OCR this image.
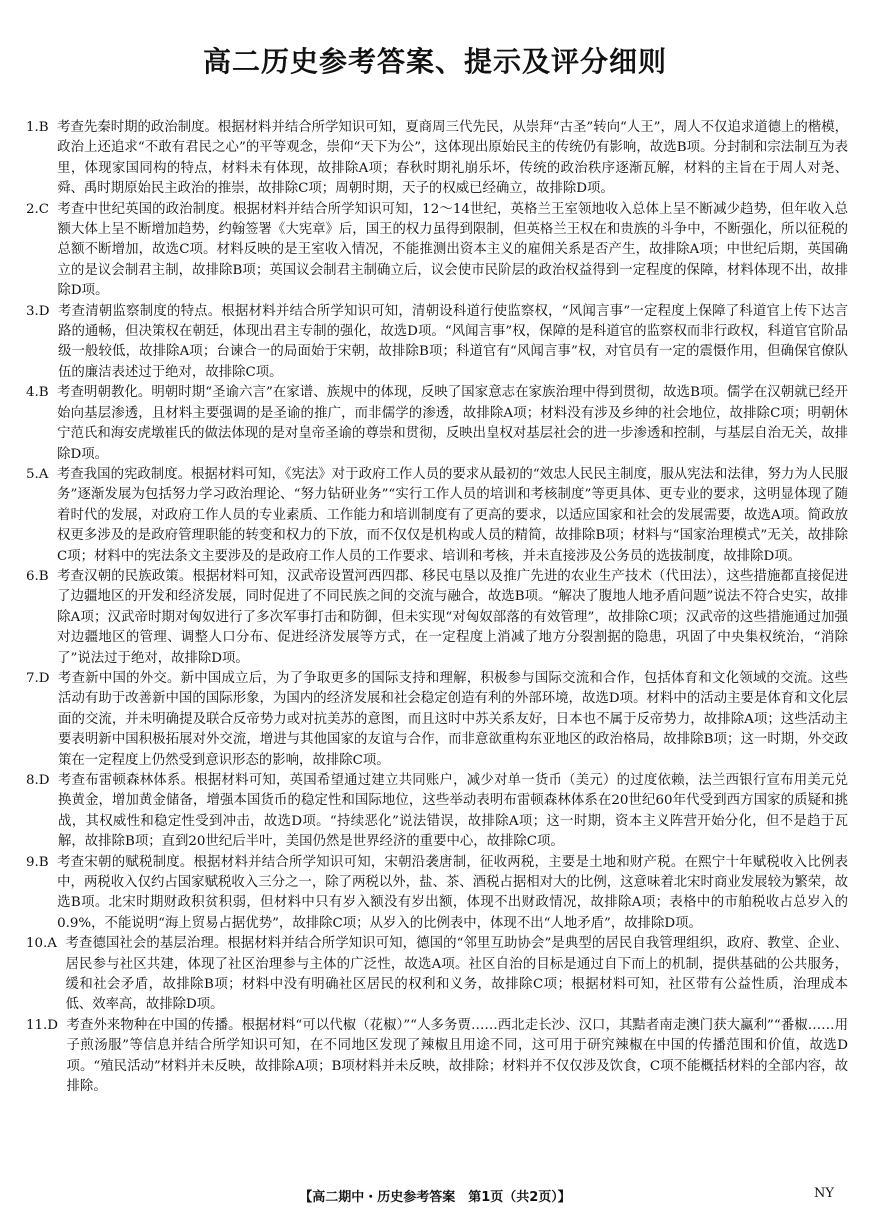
高二历史参考答案、提示及评分细则
1.B 考查先秦时期的政治制度。根据材料并结合所学知识可知，夏商周三代先民，从崇拜“古圣”转向“人王”，周人不仅追求道德上的楷模，政治上还追求“不敢有君民之心”的平等观念，崇仰“天下为公”，这体现出原始民主的传统仍有影响，故选B项。分封制和宗法制互为表里，体现家国同构的特点，材料未有体现，故排除A项；春秋时期礼崩乐坏，传统的政治秩序逐渐瓦解，材料的主旨在于周人对尧、舜、禹时期原始民主政治的推崇，故排除C项；周朝时期，天子的权威已经确立，故排除D项。
2.C 考查中世纪英国的政治制度。根据材料并结合所学知识可知，12～14世纪，英格兰王室领地收入总体上呈不断减少趋势，但年收入总额大体上呈不断增加趋势，约翰签署《大宪章》后，国王的权力虽得到限制，但英格兰王权在和贵族的斗争中，不断强化，所以征税的总额不断增加，故选C项。材料反映的是王室收入情况，不能推测出资本主义的雇佣关系是否产生，故排除A项；中世纪后期，英国确立的是议会制君主制，故排除B项；英国议会制君主制确立后，议会使市民阶层的政治权益得到一定程度的保障，材料体现不出，故排除D项。
3.D 考查清朝监察制度的特点。根据材料并结合所学知识可知，清朝设科道行使监察权，“风闻言事”一定程度上保障了科道官上传下达言路的通畅，但决策权在朝廷，体现出君主专制的强化，故选D项。“风闻言事”权，保障的是科道官的监察权而非行政权，科道官官阶品级一般较低，故排除A项；台谏合一的局面始于宋朝，故排除B项；科道官有“风闻言事”权，对官员有一定的震慑作用，但确保官僚队伍的廉洁表述过于绝对，故排除C项。
4.B 考查明朝教化。明朝时期“圣谕六言”在家谱、族规中的体现，反映了国家意志在家族治理中得到贯彻，故选B项。儒学在汉朝就已经开始向基层渗透，且材料主要强调的是圣谕的推广，而非儒学的渗透，故排除A项；材料没有涉及乡绅的社会地位，故排除C项；明朝休宁范氏和海安虎墩崔氏的做法体现的是对皇帝圣谕的尊崇和贯彻，反映出皇权对基层社会的进一步渗透和控制，与基层自治无关，故排除D项。
5.A 考查我国的宪政制度。根据材料可知，《宪法》对于政府工作人员的要求从最初的“效忠人民民主制度，服从宪法和法律，努力为人民服务”逐渐发展为包括努力学习政治理论、“努力钻研业务”“实行工作人员的培训和考核制度”等更具体、更专业的要求，这明显体现了随着时代的发展，对政府工作人员的专业素质、工作能力和培训制度有了更高的要求，以适应国家和社会的发展需要，故选A项。简政放权更多涉及的是政府管理职能的转变和权力的下放，而不仅仅是机构或人员的精简，故排除B项；材料与“国家治理模式”无关，故排除C项；材料中的宪法条文主要涉及的是政府工作人员的工作要求、培训和考核，并未直接涉及公务员的选拔制度，故排除D项。
6.B 考查汉朝的民族政策。根据材料可知，汉武帝设置河西四郡、移民屯垦以及推广先进的农业生产技术（代田法），这些措施都直接促进了边疆地区的开发和经济发展，同时促进了不同民族之间的交流与融合，故选B项。“解决了腹地人地矛盾问题”说法不符合史实，故排除A项；汉武帝时期对匈奴进行了多次军事打击和防御，但未实现“对匈奴部落的有效管理”，故排除C项；汉武帝的这些措施通过加强对边疆地区的管理、调整人口分布、促进经济发展等方式，在一定程度上消减了地方分裂割据的隐患，巩固了中央集权统治，“消除了”说法过于绝对，故排除D项。
7.D 考查新中国的外交。新中国成立后，为了争取更多的国际支持和理解，积极参与国际交流和合作，包括体育和文化领域的交流。这些活动有助于改善新中国的国际形象，为国内的经济发展和社会稳定创造有利的外部环境，故选D项。材料中的活动主要是体育和文化层面的交流，并未明确提及联合反帝势力或对抗美苏的意图，而且这时中苏关系友好，日本也不属于反帝势力，故排除A项；这些活动主要表明新中国积极拓展对外交流，增进与其他国家的友谊与合作，而非意欲重构东亚地区的政治格局，故排除B项；这一时期，外交政策在一定程度上仍然受到意识形态的影响，故排除C项。
8.D 考查布雷顿森林体系。根据材料可知，英国希望通过建立共同账户，减少对单一货币（美元）的过度依赖，法兰西银行宣布用美元兑换黄金，增加黄金储备，增强本国货币的稳定性和国际地位，这些举动表明布雷顿森林体系在20世纪60年代受到西方国家的质疑和挑战，其权威性和稳定性受到冲击，故选D项。“持续恶化”说法错误，故排除A项；这一时期，资本主义阵营开始分化，但不是趋于瓦解，故排除B项；直到20世纪后半叶，美国仍然是世界经济的重要中心，故排除C项。
9.B 考查宋朝的赋税制度。根据材料并结合所学知识可知，宋朝沿袭唐制，征收两税，主要是土地和财产税。在熙宁十年赋税收入比例表中，两税收入仅约占国家赋税收入三分之一，除了两税以外，盐、茶、酒税占据相对大的比例，这意味着北宋时商业发展较为繁荣，故选B项。北宋时期财政积贫积弱，但材料中只有岁入额没有岁出额，体现不出财政情况，故排除A项；表格中的市舶税收占总岁入的0.9%，不能说明“海上贸易占据优势”，故排除C项；从岁入的比例表中，体现不出“人地矛盾”，故排除D项。
10.A 考查德国社会的基层治理。根据材料并结合所学知识可知，德国的“邻里互助协会”是典型的居民自我管理组织，政府、教堂、企业、居民参与社区共建，体现了社区治理参与主体的广泛性，故选A项。社区自治的目标是通过自下而上的机制，提供基础的公共服务，缓和社会矛盾，故排除B项；材料中没有明确社区居民的权利和义务，故排除C项；根据材料可知，社区带有公益性质，治理成本低、效率高，故排除D项。
11.D 考查外来物种在中国的传播。根据材料“可以代椒（花椒）”“人多务贾……西北走长沙、汉口，其黠者南走澳门获大赢利”“番椒……用子煎汤服”等信息并结合所学知识可知，在不同地区发现了辣椒且用途不同，这可用于研究辣椒在中国的传播范围和价值，故选D项。“殖民活动”材料并未反映，故排除A项；B项材料并未反映，故排除；材料并不仅仅涉及饮食，C项不能概括材料的全部内容，故排除。
【高二期中・历史参考答案　第1页（共2页）】	NY
